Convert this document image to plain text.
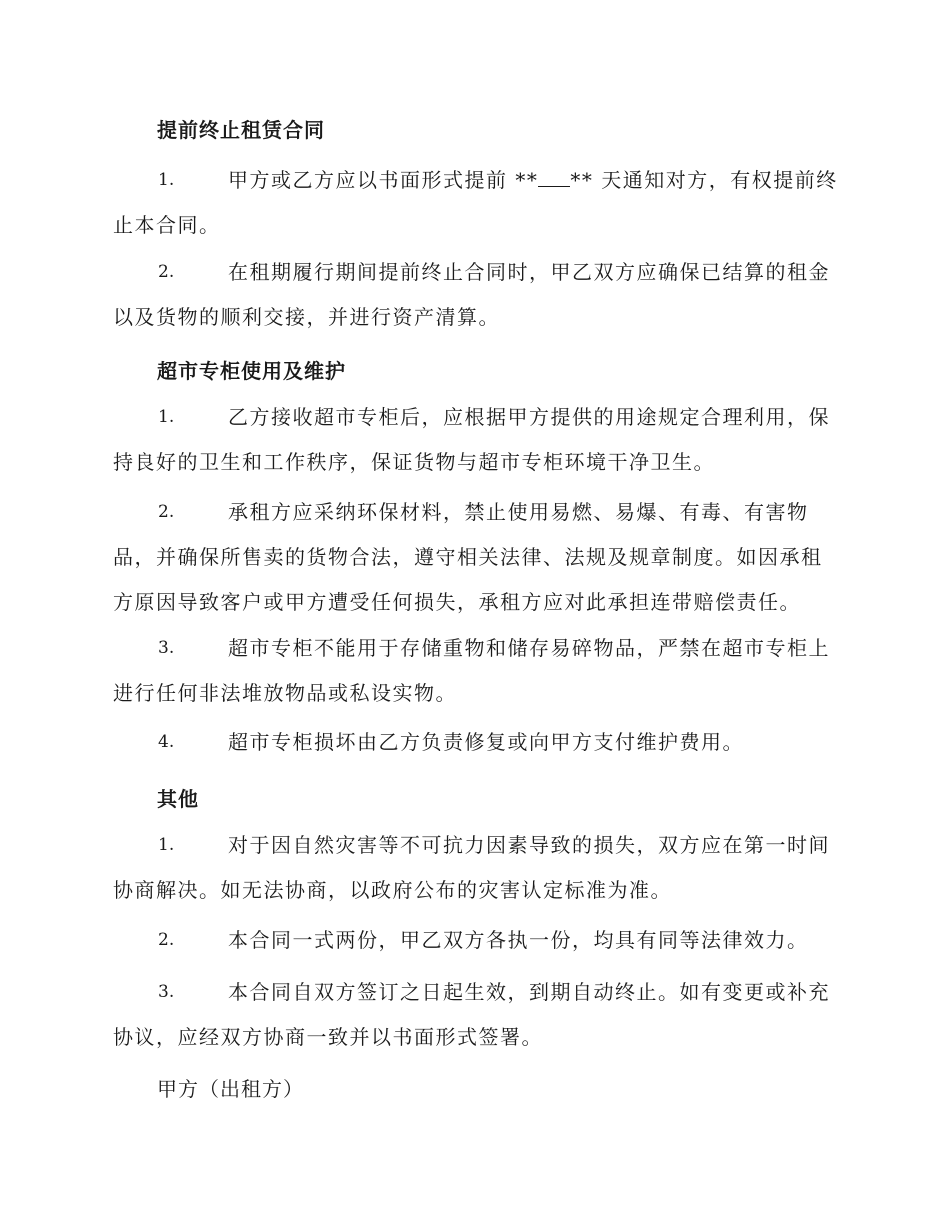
提前终止租赁合同
1.	甲方或乙方应以书面形式提前 ** ** 天通知对方，有权提前终
止本合同。
2.	在租期履行期间提前终止合同时，甲乙双方应确保已结算的租金
以及货物的顺利交接，并进行资产清算。
超市专柜使用及维护
1.	乙方接收超市专柜后，应根据甲方提供的用途规定合理利用，保
持良好的卫生和工作秩序，保证货物与超市专柜环境干净卫生。
2.	承租方应采纳环保材料，禁止使用易燃、易爆、有毒、有害物
品，并确保所售卖的货物合法，遵守相关法律、法规及规章制度。如因承租
方原因导致客户或甲方遭受任何损失，承租方应对此承担连带赔偿责任。
3.	超市专柜不能用于存储重物和储存易碎物品，严禁在超市专柜上
进行任何非法堆放物品或私设实物。
4.	超市专柜损坏由乙方负责修复或向甲方支付维护费用。
其他
1.	对于因自然灾害等不可抗力因素导致的损失，双方应在第一时间
协商解决。如无法协商，以政府公布的灾害认定标准为准。
2.	本合同一式两份，甲乙双方各执一份，均具有同等法律效力。
3.	本合同自双方签订之日起生效，到期自动终止。如有变更或补充
协议，应经双方协商一致并以书面形式签署。
甲方（出租方）
